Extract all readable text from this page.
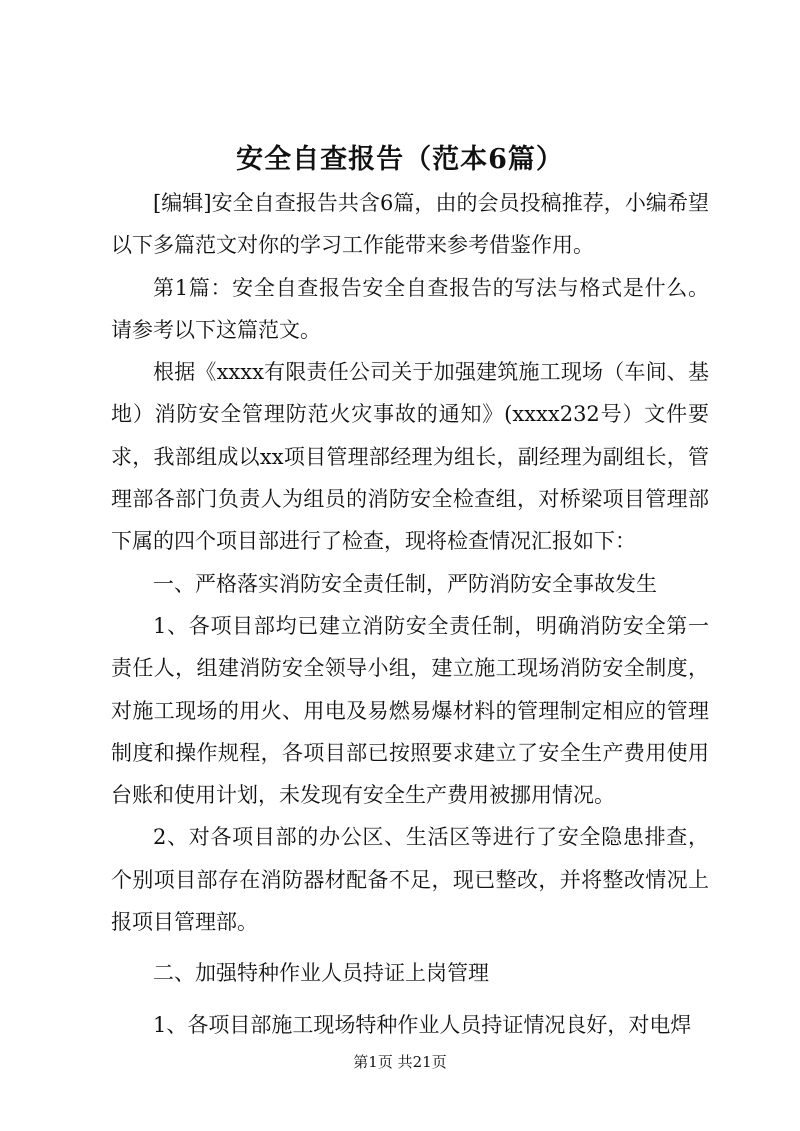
安全自查报告（范本6篇）

[编辑]安全自查报告共含6篇，由的会员投稿推荐，小编希望以下多篇范文对你的学习工作能带来参考借鉴作用。

第1篇：安全自查报告安全自查报告的写法与格式是什么。请参考以下这篇范文。

根据《xxxx有限责任公司关于加强建筑施工现场（车间、基地）消防安全管理防范火灾事故的通知》(xxxx232号）文件要求，我部组成以xx项目管理部经理为组长，副经理为副组长，管理部各部门负责人为组员的消防安全检查组，对桥梁项目管理部下属的四个项目部进行了检查，现将检查情况汇报如下：

一、严格落实消防安全责任制，严防消防安全事故发生

1、各项目部均已建立消防安全责任制，明确消防安全第一责任人，组建消防安全领导小组，建立施工现场消防安全制度，对施工现场的用火、用电及易燃易爆材料的管理制定相应的管理制度和操作规程，各项目部已按照要求建立了安全生产费用使用台账和使用计划，未发现有安全生产费用被挪用情况。

2、对各项目部的办公区、生活区等进行了安全隐患排查，个别项目部存在消防器材配备不足，现已整改，并将整改情况上报项目管理部。

二、加强特种作业人员持证上岗管理

1、各项目部施工现场特种作业人员持证情况良好，对电焊

第1页 共21页
